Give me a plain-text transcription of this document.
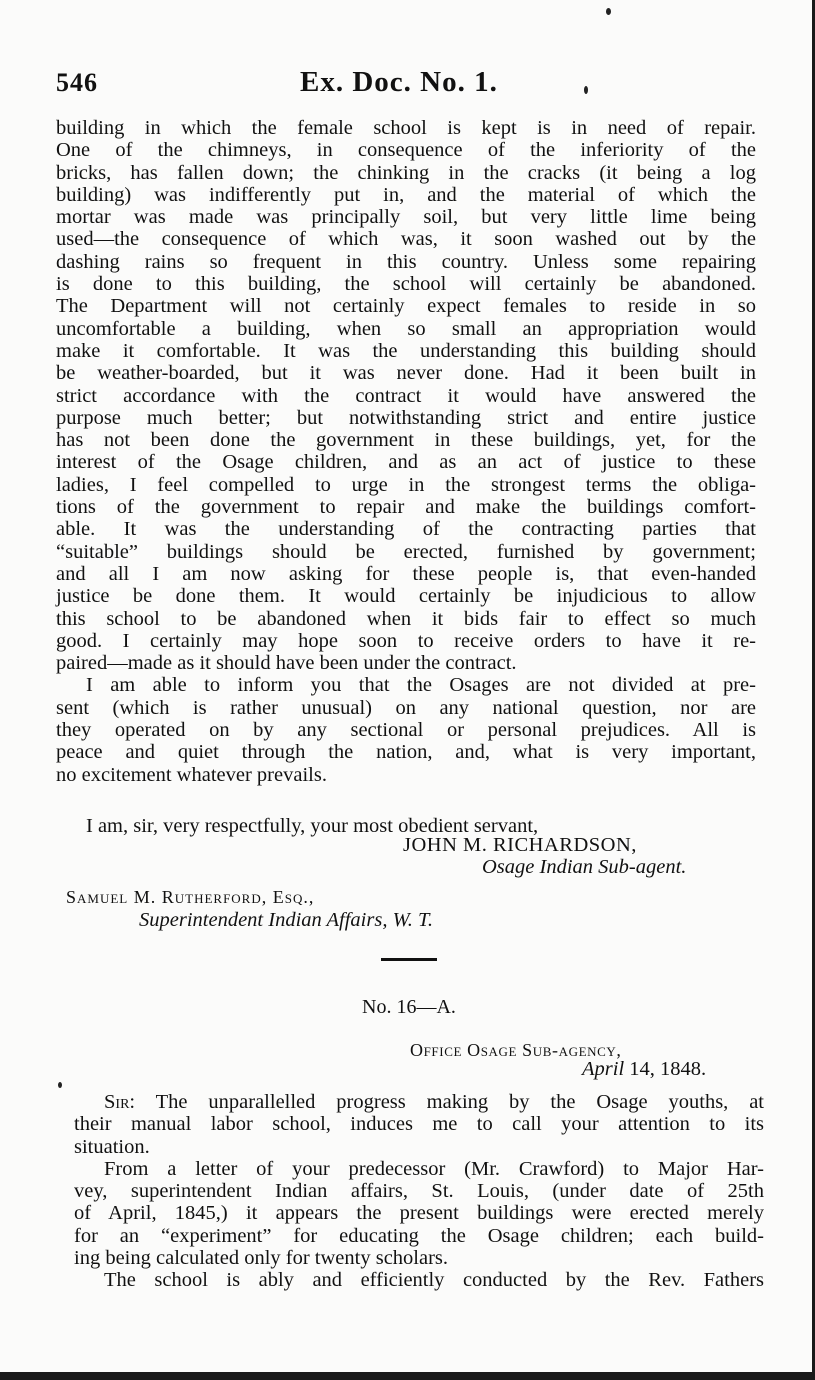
546	Ex. Doc. No. 1.
building in which the female school is kept is in need of repair.
One of the chimneys, in consequence of the inferiority of the
bricks, has fallen down; the chinking in the cracks (it being a log
building) was indifferently put in, and the material of which the
mortar was made was principally soil, but very little lime being
used—the consequence of which was, it soon washed out by the
dashing rains so frequent in this country. Unless some repairing
is done to this building, the school will certainly be abandoned.
The Department will not certainly expect females to reside in so
uncomfortable a building, when so small an appropriation would
make it comfortable. It was the understanding this building should
be weather-boarded, but it was never done. Had it been built in
strict accordance with the contract it would have answered the
purpose much better; but notwithstanding strict and entire justice
has not been done the government in these buildings, yet, for the
interest of the Osage children, and as an act of justice to these
ladies, I feel compelled to urge in the strongest terms the obliga-
tions of the government to repair and make the buildings comfort-
able. It was the understanding of the contracting parties that
“suitable” buildings should be erected, furnished by government;
and all I am now asking for these people is, that even-handed
justice be done them. It would certainly be injudicious to allow
this school to be abandoned when it bids fair to effect so much
good. I certainly may hope soon to receive orders to have it re-
paired—made as it should have been under the contract.
I am able to inform you that the Osages are not divided at pre-
sent (which is rather unusual) on any national question, nor are
they operated on by any sectional or personal prejudices. All is
peace and quiet through the nation, and, what is very important,
no excitement whatever prevails.
I am, sir, very respectfully, your most obedient servant,
JOHN M. RICHARDSON,
Osage Indian Sub-agent.
Samuel M. Rutherford, Esq.,
Superintendent Indian Affairs, W. T.
No. 16—A.
Office Osage Sub-agency,
April 14, 1848.
Sir: The unparallelled progress making by the Osage youths, at
their manual labor school, induces me to call your attention to its
situation.
From a letter of your predecessor (Mr. Crawford) to Major Har-
vey, superintendent Indian affairs, St. Louis, (under date of 25th
of April, 1845,) it appears the present buildings were erected merely
for an “experiment” for educating the Osage children; each build-
ing being calculated only for twenty scholars.
The school is ably and efficiently conducted by the Rev. Fathers
